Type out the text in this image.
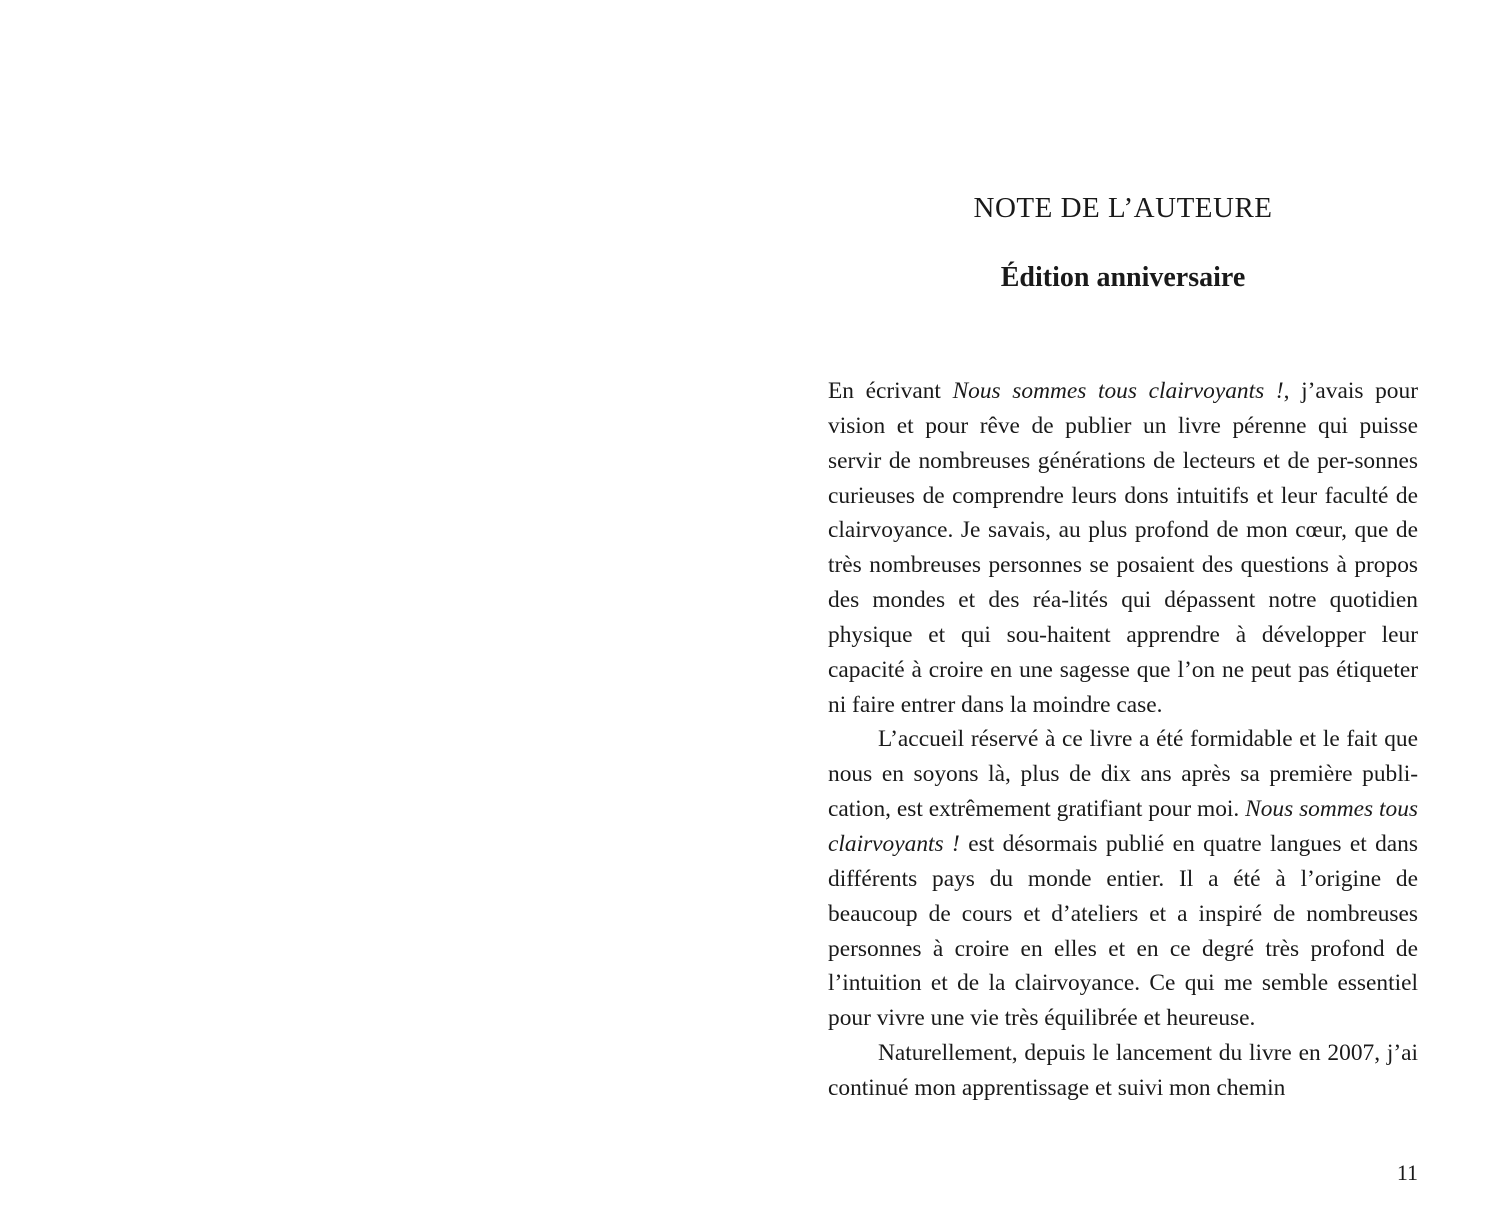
NOTE DE L’AUTEURE
Édition anniversaire

En écrivant Nous sommes tous clairvoyants !, j’avais pour vision et pour rêve de publier un livre pérenne qui puisse servir de nombreuses générations de lecteurs et de per-sonnes curieuses de comprendre leurs dons intuitifs et leur faculté de clairvoyance. Je savais, au plus profond de mon cœur, que de très nombreuses personnes se posaient des questions à propos des mondes et des réa-lités qui dépassent notre quotidien physique et qui sou-haitent apprendre à développer leur capacité à croire en une sagesse que l’on ne peut pas étiqueter ni faire entrer dans la moindre case.

L’accueil réservé à ce livre a été formidable et le fait que nous en soyons là, plus de dix ans après sa première publi-cation, est extrêmement gratifiant pour moi. Nous sommes tous clairvoyants ! est désormais publié en quatre langues et dans différents pays du monde entier. Il a été à l’origine de beaucoup de cours et d’ateliers et a inspiré de nombreuses personnes à croire en elles et en ce degré très profond de l’intuition et de la clairvoyance. Ce qui me semble essentiel pour vivre une vie très équilibrée et heureuse.

Naturellement, depuis le lancement du livre en 2007, j’ai continué mon apprentissage et suivi mon chemin

11
